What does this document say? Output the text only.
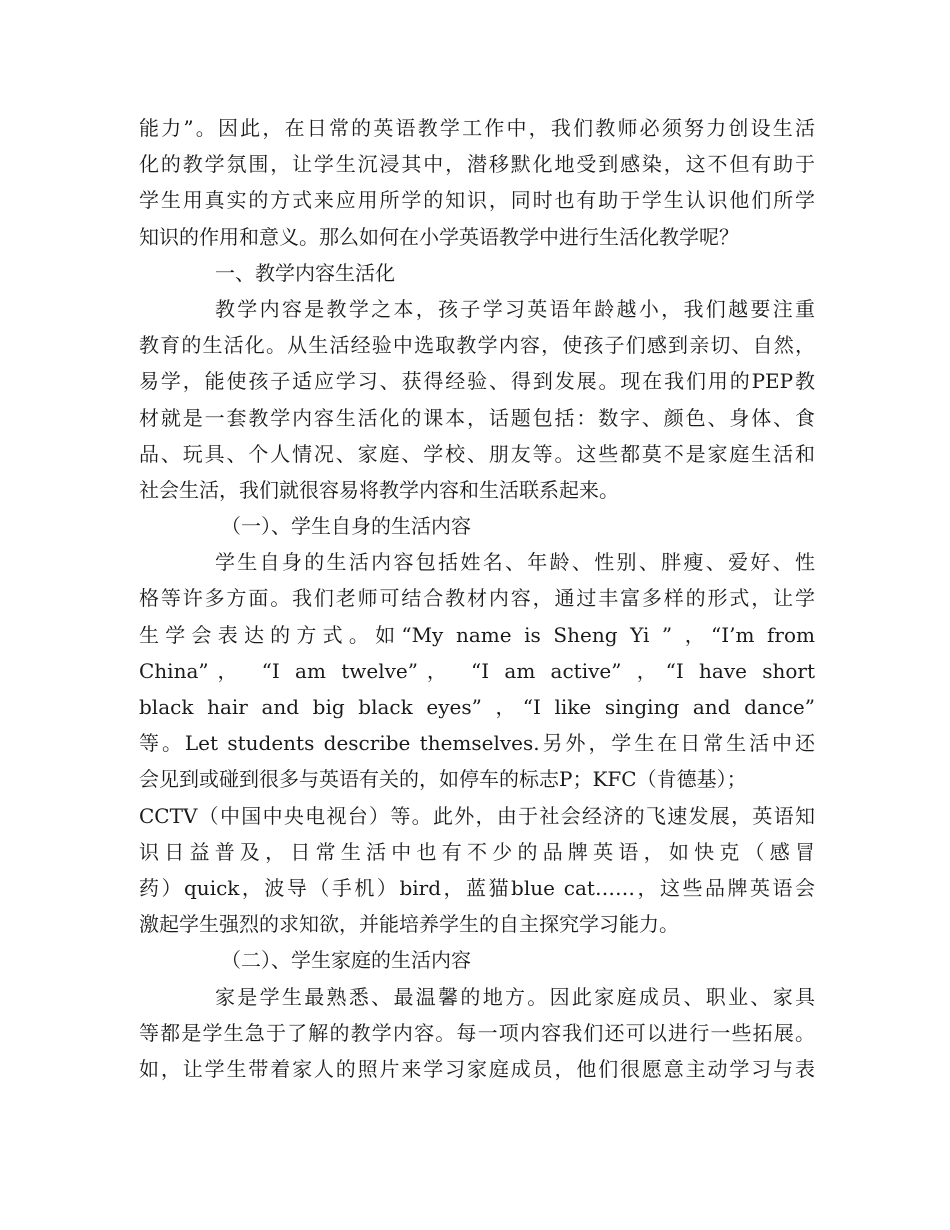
能力”。因此，在日常的英语教学工作中，我们教师必须努力创设生活
化的教学氛围，让学生沉浸其中，潜移默化地受到感染，这不但有助于
学生用真实的方式来应用所学的知识，同时也有助于学生认识他们所学
知识的作用和意义。那么如何在小学英语教学中进行生活化教学呢？
一、教学内容生活化
教学内容是教学之本，孩子学习英语年龄越小，我们越要注重
教育的生活化。从生活经验中选取教学内容，使孩子们感到亲切、自然，
易学，能使孩子适应学习、获得经验、得到发展。现在我们用的PEP教
材就是一套教学内容生活化的课本，话题包括：数字、颜色、身体、食
品、玩具、个人情况、家庭、学校、朋友等。这些都莫不是家庭生活和
社会生活，我们就很容易将教学内容和生活联系起来。
（一）、学生自身的生活内容
学生自身的生活内容包括姓名、年龄、性别、胖瘦、爱好、性
格等许多方面。我们老师可结合教材内容，通过丰富多样的形式，让学
生学会表达的方式。如“My name is Sheng Yi ” ，“I’m from
China”， “I am twelve”， “I am active” ，“I have short
black hair and big black eyes” ，“I like singing and dance”
等。Let students describe themselves.另外，学生在日常生活中还
会见到或碰到很多与英语有关的，如停车的标志P；KFC（肯德基）；
CCTV（中国中央电视台）等。此外，由于社会经济的飞速发展，英语知
识日益普及，日常生活中也有不少的品牌英语，如快克（感冒
药）quick，波导（手机）bird，蓝猫blue cat……，这些品牌英语会
激起学生强烈的求知欲，并能培养学生的自主探究学习能力。
（二）、学生家庭的生活内容
家是学生最熟悉、最温馨的地方。因此家庭成员、职业、家具
等都是学生急于了解的教学内容。每一项内容我们还可以进行一些拓展。
如，让学生带着家人的照片来学习家庭成员，他们很愿意主动学习与表
